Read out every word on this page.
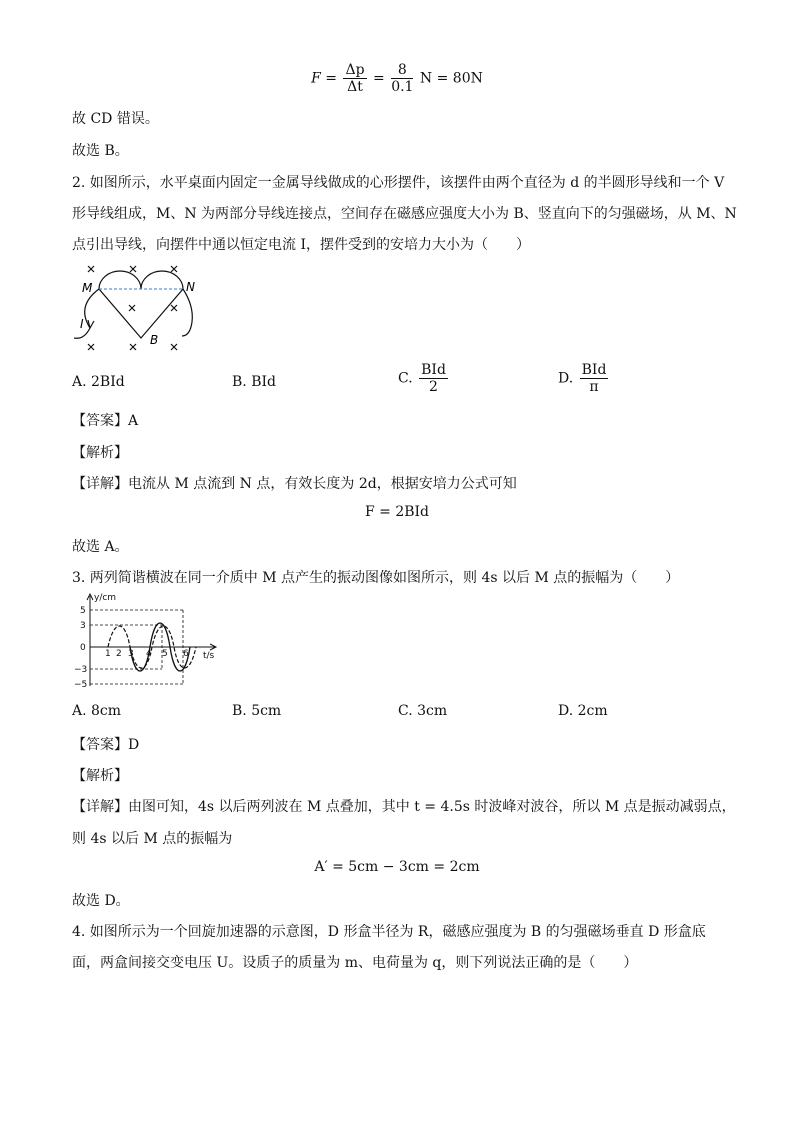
$F = \frac{\Delta p}{\Delta t} = \frac{8}{0.1}$ N = 80N
故 CD 错误。
故选 B。
2. 如图所示，水平桌面内固定一金属导线做成的心形摆件，该摆件由两个直径为 d 的半圆形导线和一个 V
形导线组成，M、N 为两部分导线连接点，空间存在磁感应强度大小为 B、竖直向下的匀强磁场，从 M、N
点引出导线，向摆件中通以恒定电流 I，摆件受到的安培力大小为（　　）
M	N
I
B
A. 2BId	B. BId	C. $\frac{\text{BId}}{2}$	D. $\frac{\text{BId}}{\pi}$
【答案】A
【解析】
【详解】电流从 M 点流到 N 点，有效长度为 2d，根据安培力公式可知
F = 2BId
故选 A。
3. 两列简谐横波在同一介质中 M 点产生的振动图像如图所示，则 4s 以后 M 点的振幅为（　　）
y/cm
t/s
5
3
0
−3
−5
1 2 3 4 5 6
A. 8cm	B. 5cm	C. 3cm	D. 2cm
【答案】D
【解析】
【详解】由图可知，4s 以后两列波在 M 点叠加，其中 t = 4.5s 时波峰对波谷，所以 M 点是振动减弱点，
则 4s 以后 M 点的振幅为
A′ = 5cm − 3cm = 2cm
故选 D。
4. 如图所示为一个回旋加速器的示意图，D 形盒半径为 R，磁感应强度为 B 的匀强磁场垂直 D 形盒底
面，两盒间接交变电压 U。设质子的质量为 m、电荷量为 q，则下列说法正确的是（　　）
